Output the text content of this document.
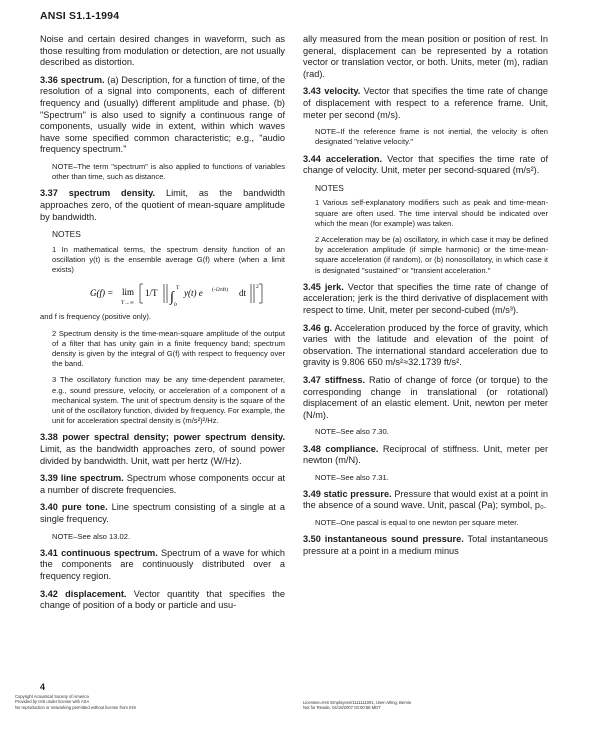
ANSI S1.1-1994

Noise and certain desired changes in waveform, such as those resulting from modulation or detection, are not usually described as distortion.

3.36 spectrum. (a) Description, for a function of time, of the resolution of a signal into components, each of different frequency and (usually) different amplitude and phase. (b) "Spectrum" is also used to signify a continuous range of components, usually wide in extent, within which waves have some specified common characteristic; e.g., "audio frequency spectrum."

NOTE–The term "spectrum" is also applied to functions of variables other than time, such as distance.

3.37 spectrum density. Limit, as the bandwidth approaches zero, of the quotient of mean-square amplitude by bandwidth.

NOTES

1 In mathematical terms, the spectrum density function of an oscillation y(t) is the ensemble average G(f) where (when a limit exists)

G(f) = lim
T→∞
1/T ∫
T
0
y(t) e (-i2πft) dt
2

and f is frequency (positive only).

2 Spectrum density is the time-mean-square amplitude of the output of a filter that has unity gain in a finite frequency band; spectrum density is given by the integral of G(f) with respect to frequency over the band.

3 The oscillatory function may be any time-dependent parameter, e.g., sound pressure, velocity, or acceleration of a component of a mechanical system. The unit of spectrum density is the square of the unit of the oscillatory function, divided by frequency. For example, the unit for acceleration spectral density is (m/s²)²/Hz.

3.38 power spectral density; power spectrum density. Limit, as the bandwidth approaches zero, of sound power divided by bandwidth. Unit, watt per hertz (W/Hz).

3.39 line spectrum. Spectrum whose components occur at a number of discrete frequencies.

3.40 pure tone. Line spectrum consisting of a single at a single frequency.

NOTE–See also 13.02.

3.41 continuous spectrum. Spectrum of a wave for which the components are continuously distributed over a frequency region.

3.42 displacement. Vector quantity that specifies the change of position of a body or particle and usu-

ally measured from the mean position or position of rest. In general, displacement can be represented by a rotation vector or translation vector, or both. Units, meter (m), radian (rad).

3.43 velocity. Vector that specifies the time rate of change of displacement with respect to a reference frame. Unit, meter per second (m/s).

NOTE–If the reference frame is not inertial, the velocity is often designated "relative velocity."

3.44 acceleration. Vector that specifies the time rate of change of velocity. Unit, meter per second-squared (m/s²).

NOTES

1 Various self-explanatory modifiers such as peak and time-mean-square are often used. The time interval should be indicated over which the mean (for example) was taken.

2 Acceleration may be (a) oscillatory, in which case it may be defined by acceleration amplitude (if simple harmonic) or the time-mean-square acceleration (if random), or (b) nonoscillatory, in which case it is designated "sustained" or "transient acceleration."

3.45 jerk. Vector that specifies the time rate of change of acceleration; jerk is the third derivative of displacement with respect to time. Unit, meter per second-cubed (m/s³).

3.46 g. Acceleration produced by the force of gravity, which varies with the latitude and elevation of the point of observation. The international standard acceleration due to gravity is 9.806 650 m/s²≈32.1739 ft/s².

3.47 stiffness. Ratio of change of force (or torque) to the corresponding change in translational (or rotational) displacement of an elastic element. Unit, newton per meter (N/m).

NOTE–See also 7.30.

3.48 compliance. Reciprocal of stiffness. Unit, meter per newton (m/N).

NOTE–See also 7.31.

3.49 static pressure. Pressure that would exist at a point in the absence of a sound wave. Unit, pascal (Pa); symbol, p₀.

NOTE–One pascal is equal to one newton per square meter.

3.50 instantaneous sound pressure. Total instantaneous pressure at a point in a medium minus

4
Copyright Acoustical Society of America
Provided by IHS under license with ASA
No reproduction or networking permitted without license from IHS
Licensee=IHS Employees/1111111001, User=Wing, Bernie
Not for Resale, 04/18/2007 03:00:58 MDT
